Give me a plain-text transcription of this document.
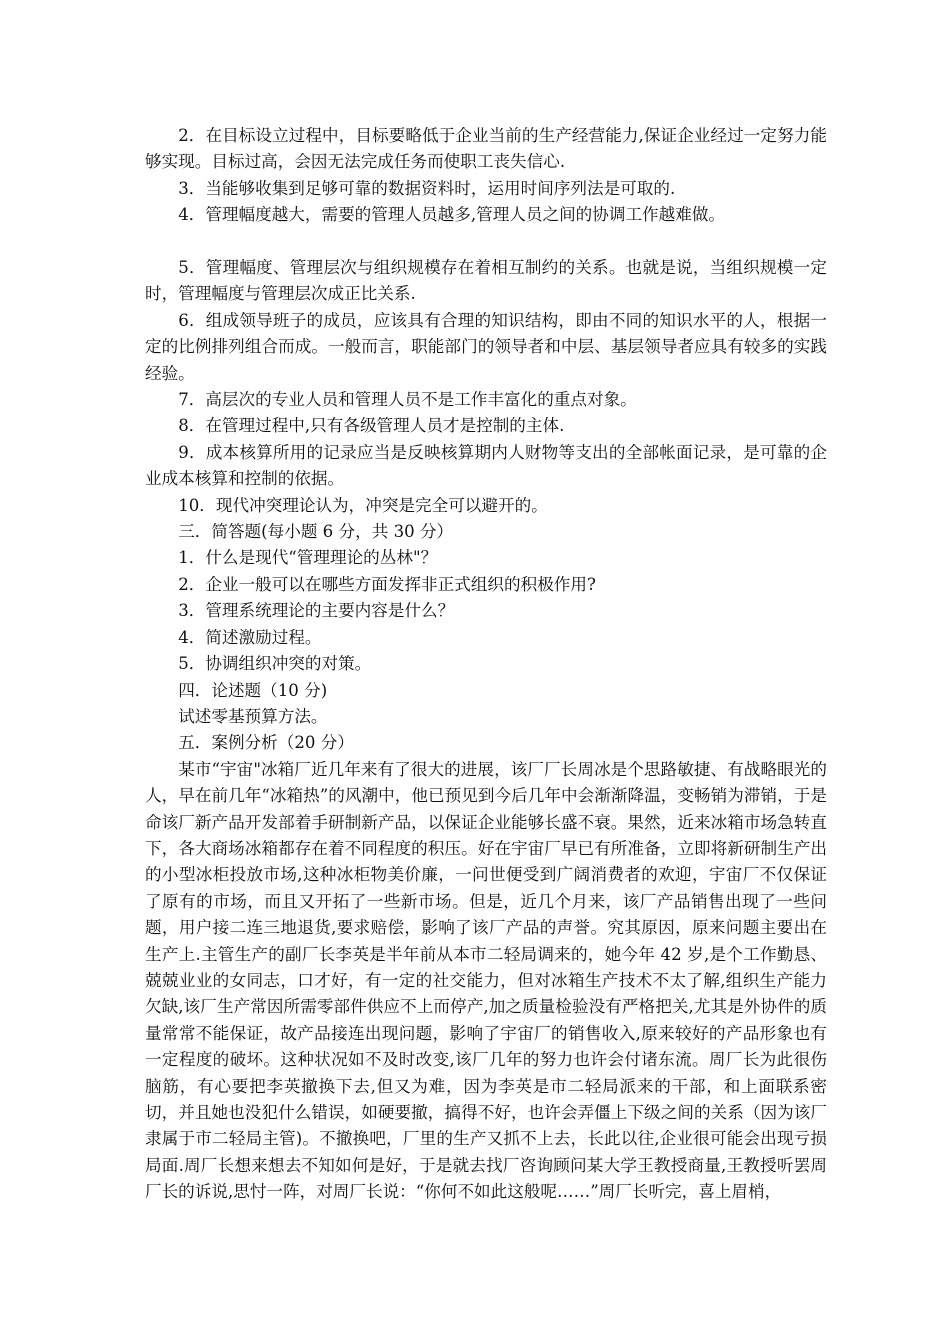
2．在目标设立过程中，目标要略低于企业当前的生产经营能力,保证企业经过一定努力能够实现。目标过高，会因无法完成任务而使职工丧失信心.

3．当能够收集到足够可靠的数据资料时，运用时间序列法是可取的.

4．管理幅度越大，需要的管理人员越多,管理人员之间的协调工作越难做。

5．管理幅度、管理层次与组织规模存在着相互制约的关系。也就是说，当组织规模一定时，管理幅度与管理层次成正比关系.

6．组成领导班子的成员，应该具有合理的知识结构，即由不同的知识水平的人，根据一定的比例排列组合而成。一般而言，职能部门的领导者和中层、基层领导者应具有较多的实践经验。

7．高层次的专业人员和管理人员不是工作丰富化的重点对象。

8．在管理过程中,只有各级管理人员才是控制的主体.

9．成本核算所用的记录应当是反映核算期内人财物等支出的全部帐面记录，是可靠的企业成本核算和控制的依据。

10．现代冲突理论认为，冲突是完全可以避开的。

三．简答题(每小题 6 分，共 30 分）

1．什么是现代“管理理论的丛林"？

2．企业一般可以在哪些方面发挥非正式组织的积极作用?

3．管理系统理论的主要内容是什么？

4．简述激励过程。

5．协调组织冲突的对策。

四．论述题（10 分)

试述零基预算方法。

五．案例分析（20 分）

某市“宇宙"冰箱厂近几年来有了很大的进展，该厂厂长周冰是个思路敏捷、有战略眼光的人，早在前几年“冰箱热”的风潮中，他已预见到今后几年中会渐渐降温，变畅销为滞销，于是命该厂新产品开发部着手研制新产品，以保证企业能够长盛不衰。果然，近来冰箱市场急转直下，各大商场冰箱都存在着不同程度的积压。好在宇宙厂早已有所准备，立即将新研制生产出的小型冰柜投放市场,这种冰柜物美价廉，一问世便受到广阔消费者的欢迎，宇宙厂不仅保证了原有的市场，而且又开拓了一些新市场。但是，近几个月来，该厂产品销售出现了一些问题，用户接二连三地退货,要求赔偿，影响了该厂产品的声誉。究其原因，原来问题主要出在生产上.主管生产的副厂长李英是半年前从本市二轻局调来的，她今年 42 岁,是个工作勤恳、兢兢业业的女同志，口才好，有一定的社交能力，但对冰箱生产技术不太了解,组织生产能力欠缺,该厂生产常因所需零部件供应不上而停产,加之质量检验没有严格把关,尤其是外协件的质量常常不能保证，故产品接连出现问题，影响了宇宙厂的销售收入,原来较好的产品形象也有一定程度的破坏。这种状况如不及时改变,该厂几年的努力也许会付诸东流。周厂长为此很伤脑筋，有心要把李英撤换下去,但又为难，因为李英是市二轻局派来的干部，和上面联系密切，并且她也没犯什么错误，如硬要撤，搞得不好，也许会弄僵上下级之间的关系（因为该厂隶属于市二轻局主管)。不撤换吧，厂里的生产又抓不上去，长此以往,企业很可能会出现亏损局面.周厂长想来想去不知如何是好，于是就去找厂咨询顾问某大学王教授商量,王教授听罢周厂长的诉说,思忖一阵，对周厂长说：“你何不如此这般呢……”周厂长听完，喜上眉梢，
